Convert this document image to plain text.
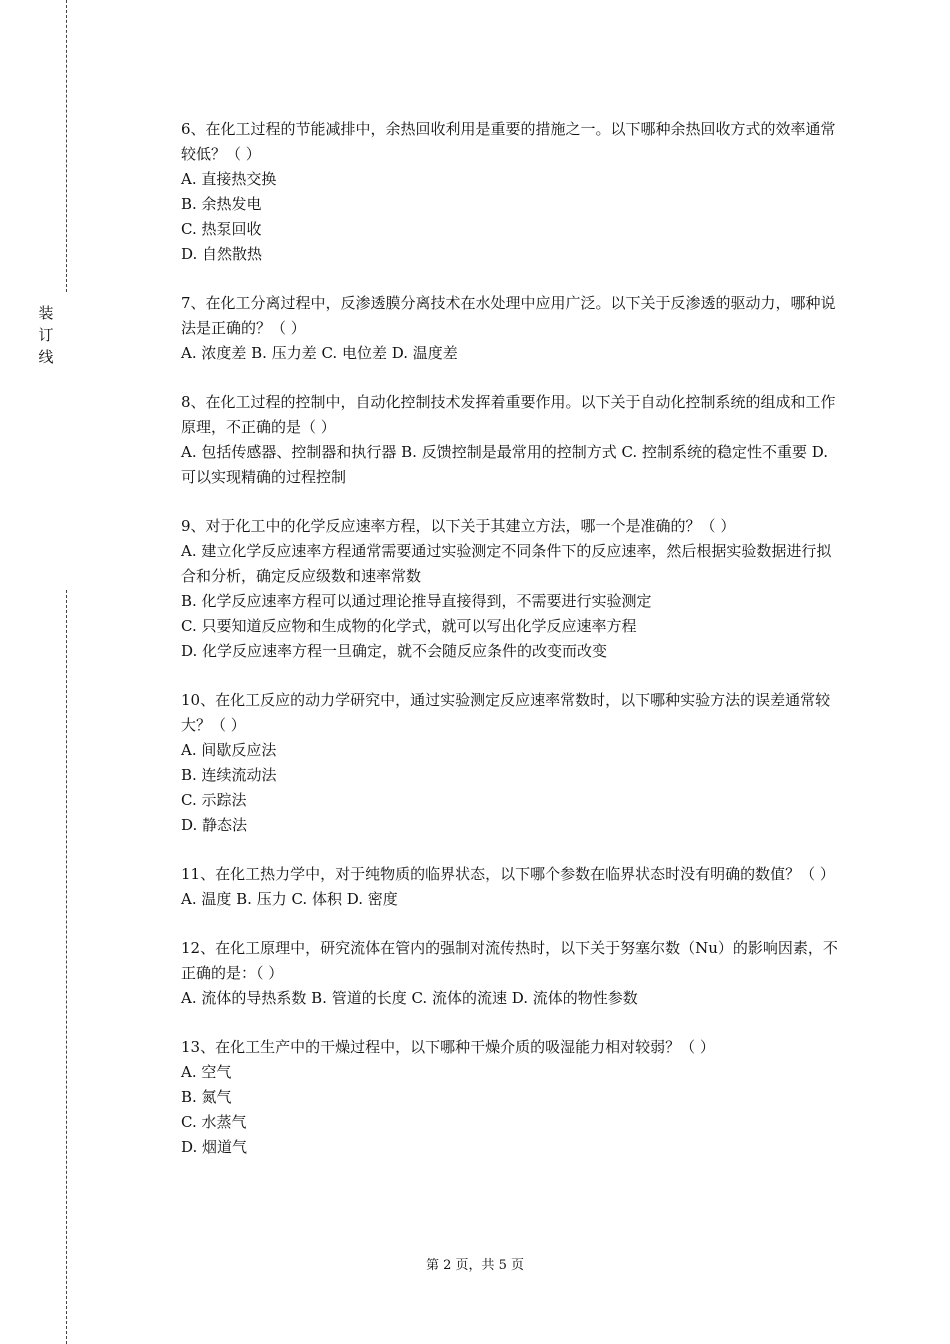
装订线

6、在化工过程的节能减排中，余热回收利用是重要的措施之一。以下哪种余热回收方式的效率通常较低？（ ）

A. 直接热交换

B. 余热发电

C. 热泵回收

D. 自然散热

7、在化工分离过程中，反渗透膜分离技术在水处理中应用广泛。以下关于反渗透的驱动力，哪种说法是正确的？（ ）

A. 浓度差 B. 压力差 C. 电位差 D. 温度差

8、在化工过程的控制中，自动化控制技术发挥着重要作用。以下关于自动化控制系统的组成和工作原理，不正确的是（ ）

A. 包括传感器、控制器和执行器 B. 反馈控制是最常用的控制方式 C. 控制系统的稳定性不重要 D. 可以实现精确的过程控制

9、对于化工中的化学反应速率方程，以下关于其建立方法，哪一个是准确的？（ ）

A. 建立化学反应速率方程通常需要通过实验测定不同条件下的反应速率，然后根据实验数据进行拟合和分析，确定反应级数和速率常数

B. 化学反应速率方程可以通过理论推导直接得到，不需要进行实验测定

C. 只要知道反应物和生成物的化学式，就可以写出化学反应速率方程

D. 化学反应速率方程一旦确定，就不会随反应条件的改变而改变

10、在化工反应的动力学研究中，通过实验测定反应速率常数时，以下哪种实验方法的误差通常较大？（ ）

A. 间歇反应法

B. 连续流动法

C. 示踪法

D. 静态法

11、在化工热力学中，对于纯物质的临界状态，以下哪个参数在临界状态时没有明确的数值？（ ）

A. 温度 B. 压力 C. 体积 D. 密度

12、在化工原理中，研究流体在管内的强制对流传热时，以下关于努塞尔数（Nu）的影响因素，不正确的是：（ ）

A. 流体的导热系数 B. 管道的长度 C. 流体的流速 D. 流体的物性参数

13、在化工生产中的干燥过程中，以下哪种干燥介质的吸湿能力相对较弱？（ ）

A. 空气

B. 氮气

C. 水蒸气

D. 烟道气

第 2 页，共 5 页
